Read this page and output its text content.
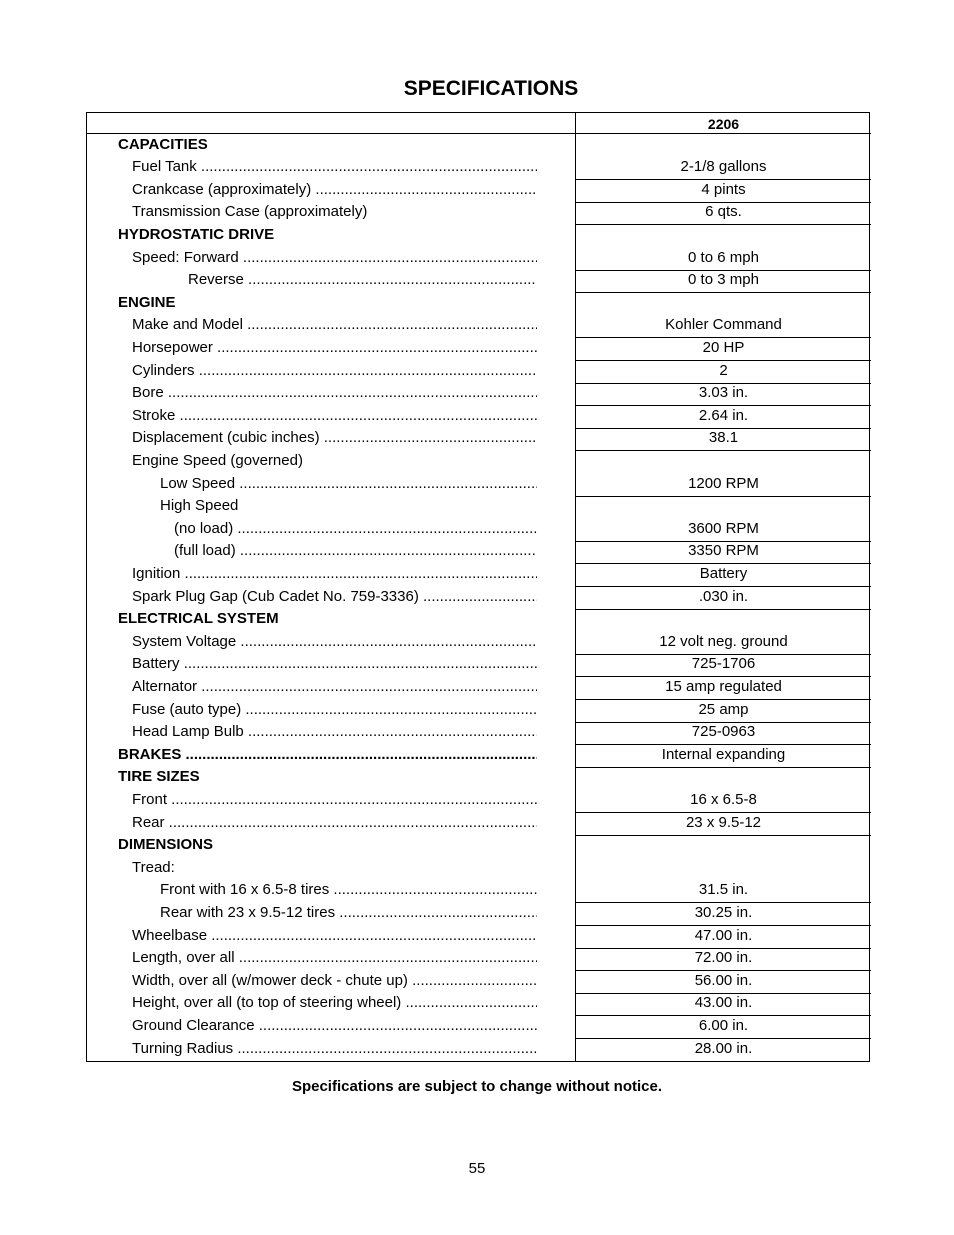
SPECIFICATIONS
2206
CAPACITIES
Fuel Tank .....	2-1/8 gallons
Crankcase (approximately) .....	4 pints
Transmission Case (approximately)	6 qts.
HYDROSTATIC DRIVE
Speed: Forward .....	0 to 6 mph
Reverse .....	0 to 3 mph
ENGINE
Make and Model .....	Kohler Command
Horsepower .....	20 HP
Cylinders .....	2
Bore .....	3.03 in.
Stroke .....	2.64 in.
Displacement (cubic inches) .....	38.1
Engine Speed (governed)
Low Speed .....	1200 RPM
High Speed
(no load) .....	3600 RPM
(full load) .....	3350 RPM
Ignition .....	Battery
Spark Plug Gap (Cub Cadet No. 759-3336) .....	.030 in.
ELECTRICAL SYSTEM
System Voltage .....	12 volt neg. ground
Battery .....	725-1706
Alternator .....	15 amp regulated
Fuse (auto type) .....	25 amp
Head Lamp Bulb .....	725-0963
BRAKES .....	Internal expanding
TIRE SIZES
Front .....	16 x 6.5-8
Rear .....	23 x 9.5-12
DIMENSIONS
Tread:
Front with 16 x 6.5-8 tires .....	31.5 in.
Rear with 23 x 9.5-12 tires .....	30.25 in.
Wheelbase .....	47.00 in.
Length, over all .....	72.00 in.
Width, over all (w/mower deck - chute up) .....	56.00 in.
Height, over all (to top of steering wheel) .....	43.00 in.
Ground Clearance .....	6.00 in.
Turning Radius .....	28.00 in.
Specifications are subject to change without notice.
55
